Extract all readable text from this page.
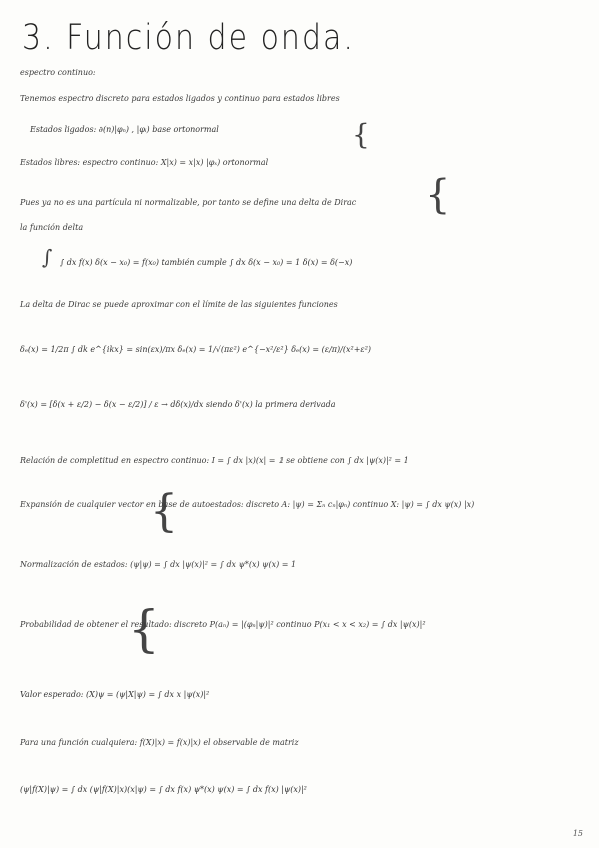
3. Función de onda.
espectro continuo:
Tenemos espectro discreto para estados ligados y continuo para estados libres
Estados ligados: ∂(n)|φₙ) , |φᵢ) base ortonormal	{
Estados libres: espectro continuo: X|x) = x|x) |φₓ) ortonormal
{
Pues ya no es una partícula ni normalizable, por tanto se define una delta de Dirac
la función delta
∫ ∫ dx f(x) δ(x − x₀) = f(x₀) también cumple ∫ dx δ(x − x₀) = 1 δ(x) = δ(−x)
La delta de Dirac se puede aproximar con el límite de las siguientes funciones
δₑ(x) = 1/2π ∫ dk e^{ikx} = sin(εx)/πx δₑ(x) = 1/√(πε²) e^{−x²/ε²} δₑ(x) = (ε/π)/(x²+ε²)
δ'(x) = [δ(x + ε/2) − δ(x − ε/2)] / ε → dδ(x)/dx siendo δ'(x) la primera derivada
Relación de completitud en espectro continuo: I = ∫ dx |x)(x| = 𝟙 se obtiene con ∫ dx |ψ(x)|² = 1
{
Expansión de cualquier vector en base de autoestados: discreto A: |ψ) = Σₙ cₙ|φₙ) continuo X: |ψ) = ∫ dx ψ(x) |x)
Normalización de estados: (ψ|ψ) = ∫ dx |ψ(x)|² = ∫ dx ψ*(x) ψ(x) = 1
{
Probabilidad de obtener el resultado: discreto P(aₙ) = |(φₙ|ψ)|² continuo P(x₁ < x < x₂) = ∫ dx |ψ(x)|²
Valor esperado: (X)ψ = (ψ|X|ψ) = ∫ dx x |ψ(x)|²
Para una función cualquiera: f(X)|x) = f(x)|x) el observable de matriz
(ψ|f(X)|ψ) = ∫ dx (ψ|f(X)|x)(x|ψ) = ∫ dx f(x) ψ*(x) ψ(x) = ∫ dx f(x) |ψ(x)|²
15
